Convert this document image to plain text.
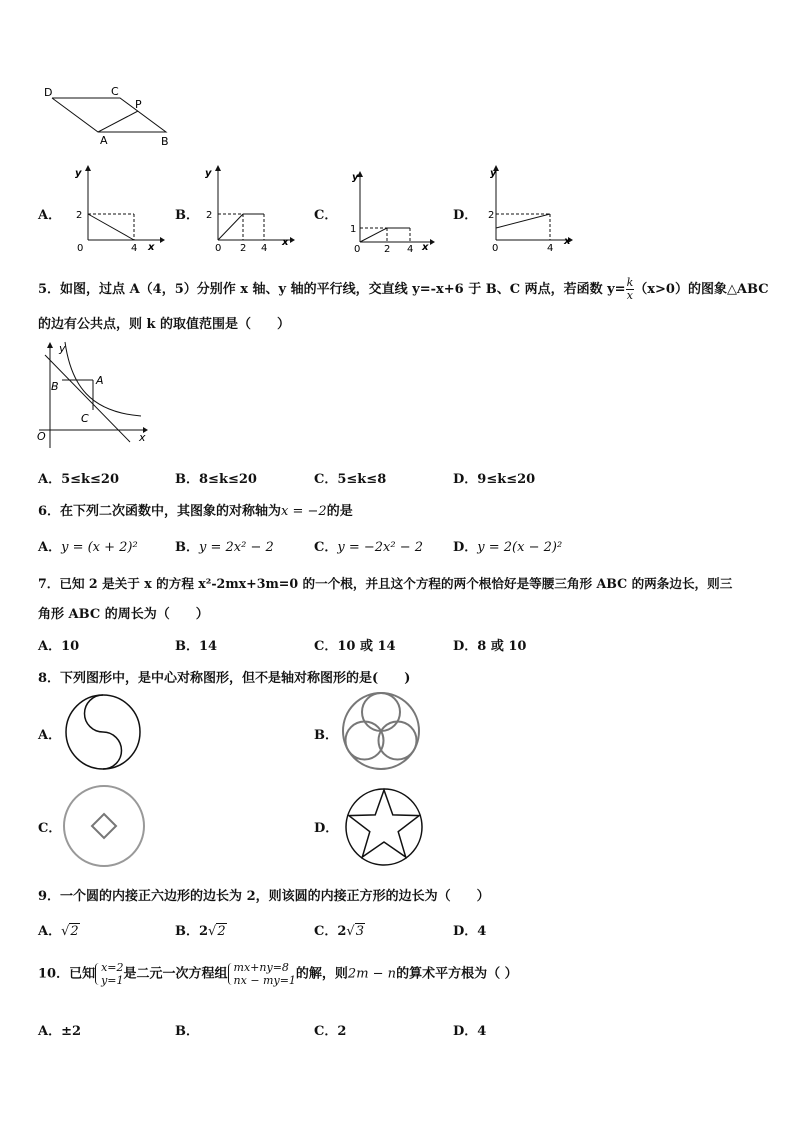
D	C
P
A	B
A．
y
x
0
2
4
B．
y
x
0
2
2 4
C．
y
x
0
1
2 4
D．
y
x
0
2
4
5．如图，过点 A（4，5）分别作 x 轴、y 轴的平行线，交直线 y=-x+6 于 B、C 两点，若函数 $y= \frac{k}{x} (x>0)$的图象△ABC
的边有公共点，则 k 的取值范围是（　　）
y
B	A
C
O	x
A．5≤k≤20	B．8≤k≤20	C．5≤k≤8	D．9≤k≤20
6．在下列二次函数中，其图象的对称轴为x = −2的是
A．y = (x + 2)²	B．y = 2x² − 2	C．y = −2x² − 2 D．y = 2(x − 2)²
7．已知 2 是关于 x 的方程 x²-2mx+3m=0 的一个根，并且这个方程的两个根恰好是等腰三角形 ABC 的两条边长，则三
角形 ABC 的周长为（　　）
A．10	B．14	C．10 或 14	D．8 或 10
8．下列图形中，是中心对称图形，但不是轴对称图形的是(　　)
A．	B．
C．	D．
9．一个圆的内接正六边形的边长为 2，则该圆的内接正方形的边长为（　　）
A．√2	B．2√2	C．2√3	D．4
10．已知 x=2
y=1 是二元一次方程组 mx+ny=8
nx − my=1 的解，则2m − n的算术平方根为（ ）
A．±2	B．	C．2	D．4
